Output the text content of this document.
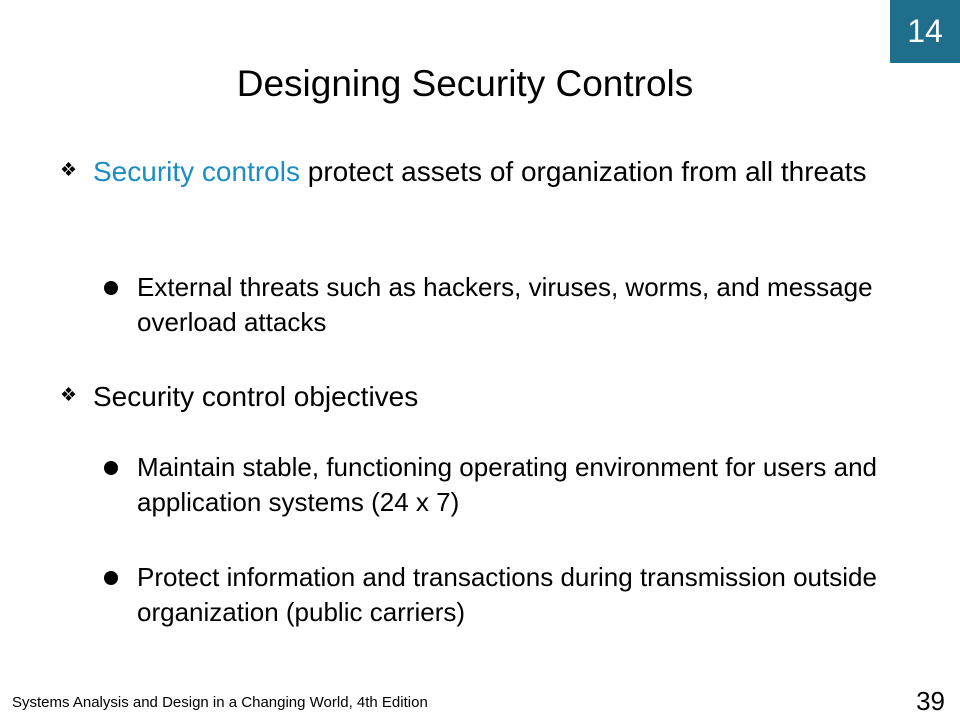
14
Designing Security Controls
❖ Security controls protect assets of organization from all threats
External threats such as hackers, viruses, worms, and message overload attacks
❖ Security control objectives
Maintain stable, functioning operating environment for users and application systems (24 x 7)
Protect information and transactions during transmission outside organization (public carriers)
Systems Analysis and Design in a Changing World, 4th Edition	39
